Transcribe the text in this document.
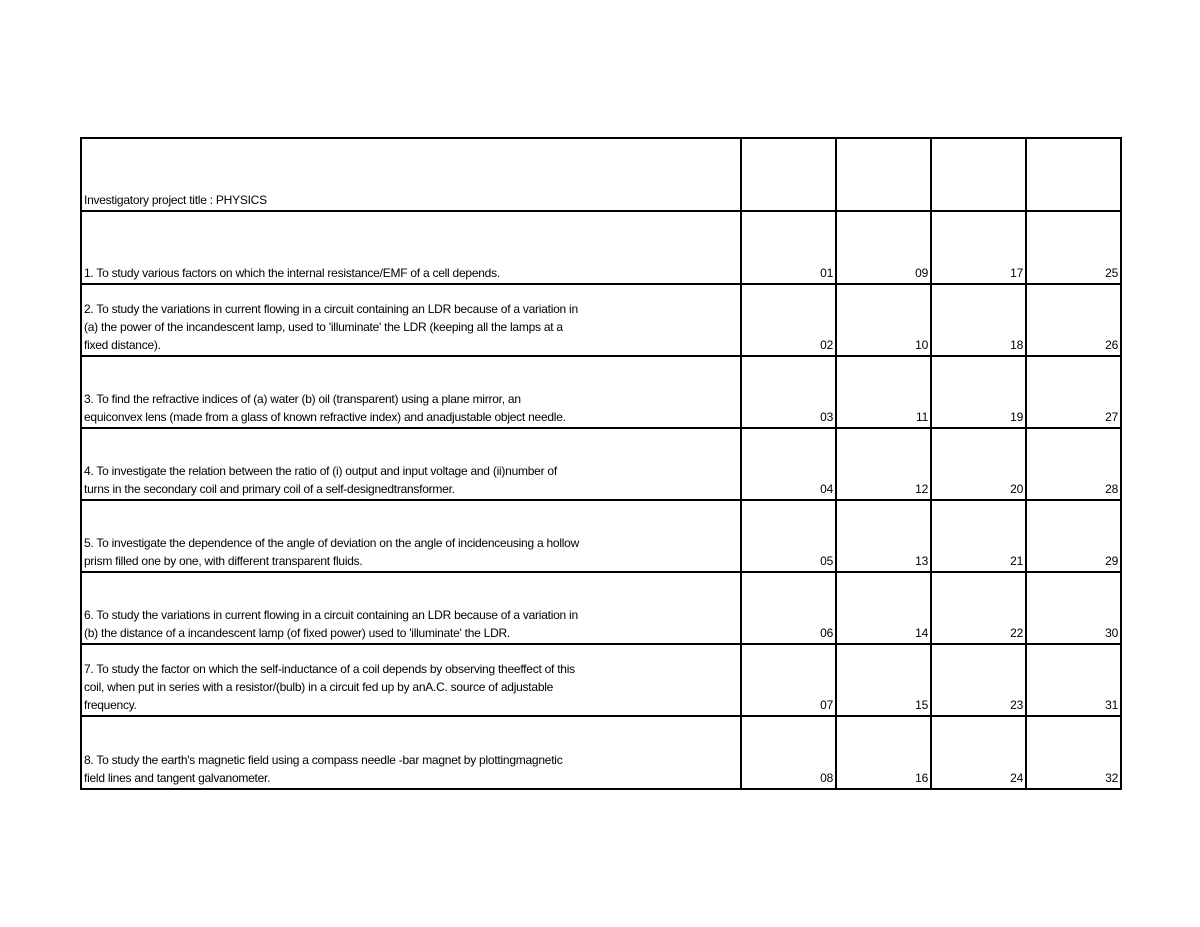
Investigatory project title : PHYSICS				

1. To study various factors on which the internal resistance/EMF of a cell depends.	01	09	17	25

2. To study the variations in current flowing in a circuit containing an LDR because of a variation in
(a) the power of the incandescent lamp, used to 'illuminate' the LDR (keeping all the lamps at a
fixed distance).	02	10	18	26

3. To find the refractive indices of (a) water (b) oil (transparent) using a plane mirror, an
equiconvex lens (made from a glass of known refractive index) and anadjustable object needle.	03	11	19	27

4. To investigate the relation between the ratio of (i) output and input voltage and (ii)number of
turns in the secondary coil and primary coil of a self-designedtransformer.	04	12	20	28

5. To investigate the dependence of the angle of deviation on the angle of incidenceusing a hollow
prism filled one by one, with different transparent fluids.	05	13	21	29

6. To study the variations in current flowing in a circuit containing an LDR because of a variation in
(b) the distance of a incandescent lamp (of fixed power) used to 'illuminate' the LDR.	06	14	22	30

7. To study the factor on which the self-inductance of a coil depends by observing theeffect of this
coil, when put in series with a resistor/(bulb) in a circuit fed up by anA.C. source of adjustable
frequency.	07	15	23	31

8. To study the earth's magnetic field using a compass needle -bar magnet by plottingmagnetic
field lines and tangent galvanometer.	08	16	24	32
